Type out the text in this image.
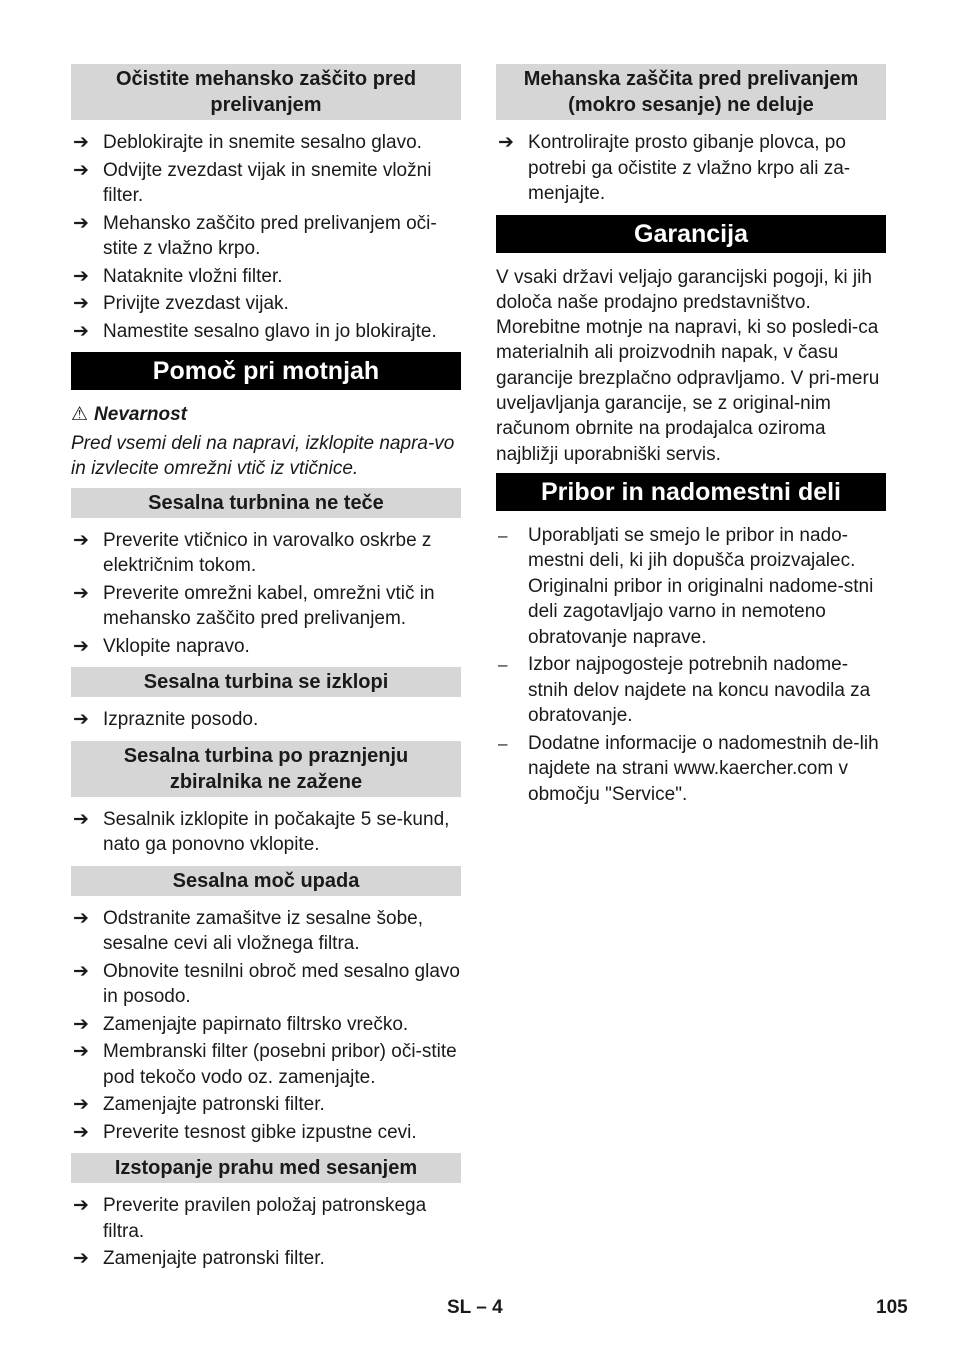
Očistite mehansko zaščito pred prelivanjem
➔ Deblokirajte in snemite sesalno glavo.
➔ Odvijte zvezdast vijak in snemite vložni filter.
➔ Mehansko zaščito pred prelivanjem oči-stite z vlažno krpo.
➔ Nataknite vložni filter.
➔ Privijte zvezdast vijak.
➔ Namestite sesalno glavo in jo blokirajte.
Pomoč pri motnjah
⚠ Nevarnost

Pred vsemi deli na napravi, izklopite napra-vo in izvlecite omrežni vtič iz vtičnice.

Sesalna turbnina ne teče
➔ Preverite vtičnico in varovalko oskrbe z električnim tokom.
➔ Preverite omrežni kabel, omrežni vtič in mehansko zaščito pred prelivanjem.
➔ Vklopite napravo.
Sesalna turbina se izklopi
➔ Izpraznite posodo.
Sesalna turbina po praznjenju zbiralnika ne zažene
➔ Sesalnik izklopite in počakajte 5 se-kund, nato ga ponovno vklopite.
Sesalna moč upada
➔ Odstranite zamašitve iz sesalne šobe, sesalne cevi ali vložnega filtra.
➔ Obnovite tesnilni obroč med sesalno glavo in posodo.
➔ Zamenjajte papirnato filtrsko vrečko.
➔ Membranski filter (posebni pribor) oči-stite pod tekočo vodo oz. zamenjajte.
➔ Zamenjajte patronski filter.
➔ Preverite tesnost gibke izpustne cevi.
Izstopanje prahu med sesanjem
➔ Preverite pravilen položaj patronskega filtra.
➔ Zamenjajte patronski filter.
Mehanska zaščita pred prelivanjem (mokro sesanje) ne deluje
➔ Kontrolirajte prosto gibanje plovca, po potrebi ga očistite z vlažno krpo ali za-menjajte.
Garancija

V vsaki državi veljajo garancijski pogoji, ki jih določa naše prodajno predstavništvo. Morebitne motnje na napravi, ki so posledi-ca materialnih ali proizvodnih napak, v času garancije brezplačno odpravljamo. V pri-meru uveljavljanja garancije, se z original-nim računom obrnite na prodajalca oziroma najbližji uporabniški servis.

Pribor in nadomestni deli
–	Uporabljati se smejo le pribor in nado-mestni deli, ki jih dopušča proizvajalec. Originalni pribor in originalni nadome-stni deli zagotavljajo varno in nemoteno obratovanje naprave.
–	Izbor najpogosteje potrebnih nadome-stnih delov najdete na koncu navodila za obratovanje.
–	Dodatne informacije o nadomestnih de-lih najdete na strani www.kaercher.com v območju "Service".
SL – 4	105
